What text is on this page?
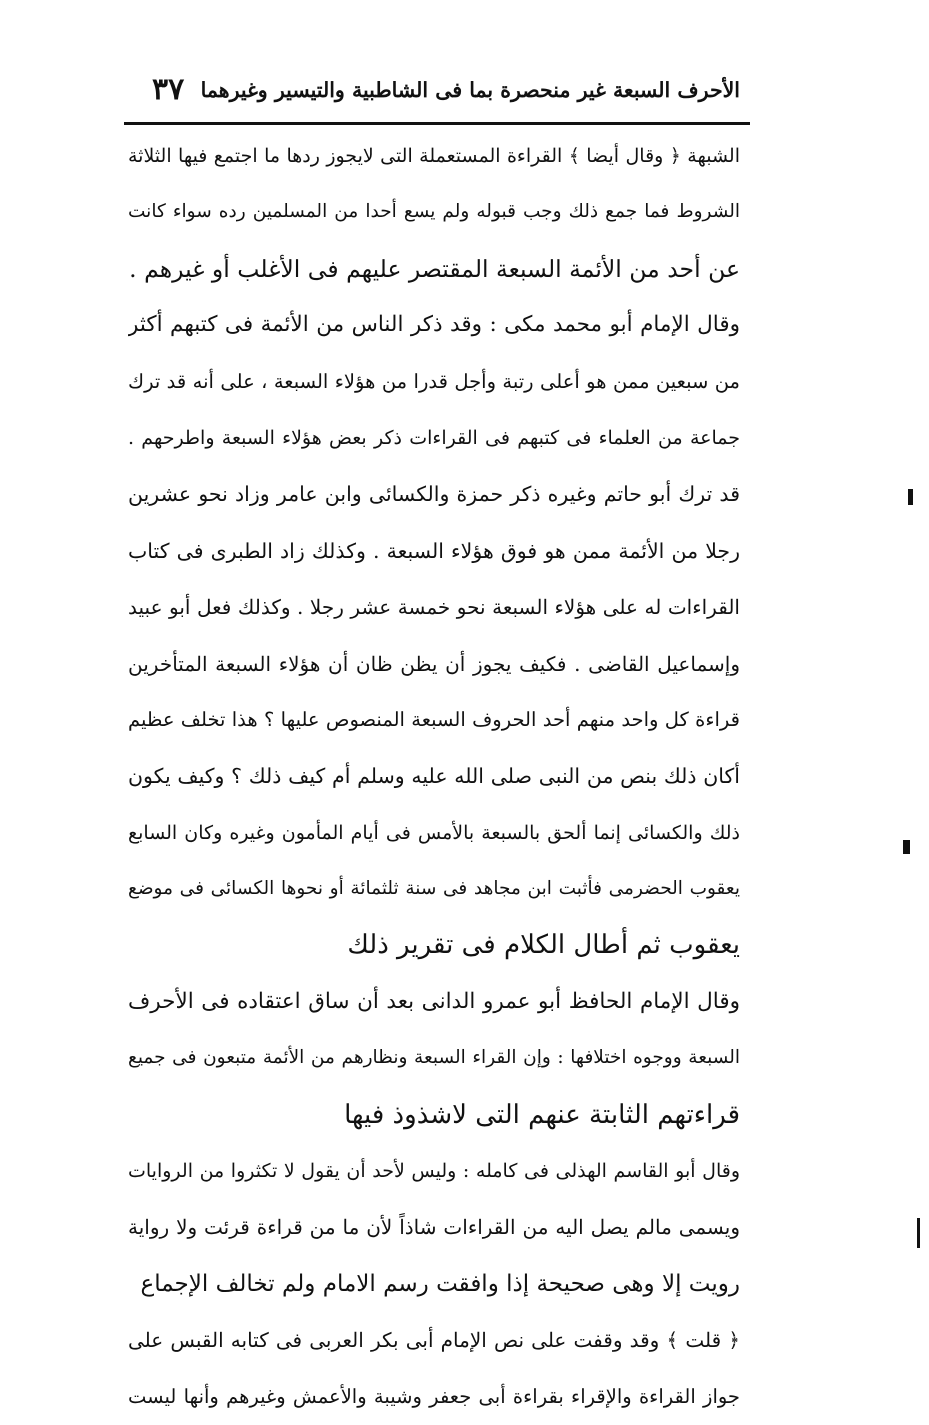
الأحرف السبعة غير منحصرة بما فى الشاطبية والتيسير وغيرهما
٣٧
الشبهة ﴿ وقال أيضا ﴾ القراءة المستعملة التى لايجوز ردها ما اجتمع فيها الثلاثة
الشروط فما جمع ذلك وجب قبوله ولم يسع أحدا من المسلمين رده سواء كانت
عن أحد من الأئمة السبعة المقتصر عليهم فى الأغلب أو غيرهم .
وقال الإمام أبو محمد مكى : وقد ذكر الناس من الأئمة فى كتبهم أكثر
من سبعين ممن هو أعلى رتبة وأجل قدرا من هؤلاء السبعة ، على أنه قد ترك
جماعة من العلماء فى كتبهم فى القراءات ذكر بعض هؤلاء السبعة واطرحهم .
قد ترك أبو حاتم وغيره ذكر حمزة والكسائى وابن عامر وزاد نحو عشرين
رجلا من الأئمة ممن هو فوق هؤلاء السبعة . وكذلك زاد الطبرى فى كتاب
القراءات له على هؤلاء السبعة نحو خمسة عشر رجلا . وكذلك فعل أبو عبيد
وإسماعيل القاضى . فكيف يجوز أن يظن ظان أن هؤلاء السبعة المتأخرين
قراءة كل واحد منهم أحد الحروف السبعة المنصوص عليها ؟ هذا تخلف عظيم
أكان ذلك بنص من النبى صلى الله عليه وسلم أم كيف ذلك ؟ وكيف يكون
ذلك والكسائى إنما ألحق بالسبعة بالأمس فى أيام المأمون وغيره وكان السابع
يعقوب الحضرمى فأثبت ابن مجاهد فى سنة ثلثمائة أو نحوها الكسائى فى موضع
يعقوب ثم أطال الكلام فى تقرير ذلك
وقال الإمام الحافظ أبو عمرو الدانى بعد أن ساق اعتقاده فى الأحرف
السبعة ووجوه اختلافها : وإن القراء السبعة ونظارهم من الأئمة متبعون فى جميع
قراءتهم الثابتة عنهم التى لاشذوذ فيها
وقال أبو القاسم الهذلى فى كامله : وليس لأحد أن يقول لا تكثروا من الروايات
ويسمى مالم يصل اليه من القراءات شاذاً لأن ما من قراءة قرئت ولا رواية
رويت إلا وهى صحيحة إذا وافقت رسم الامام ولم تخالف الإجماع
﴿ قلت ﴾ وقد وقفت على نص الإمام أبى بكر العربى فى كتابه القبس على
جواز القراءة والإقراء بقراءة أبى جعفر وشيبة والأعمش وغيرهم وأنها ليست
